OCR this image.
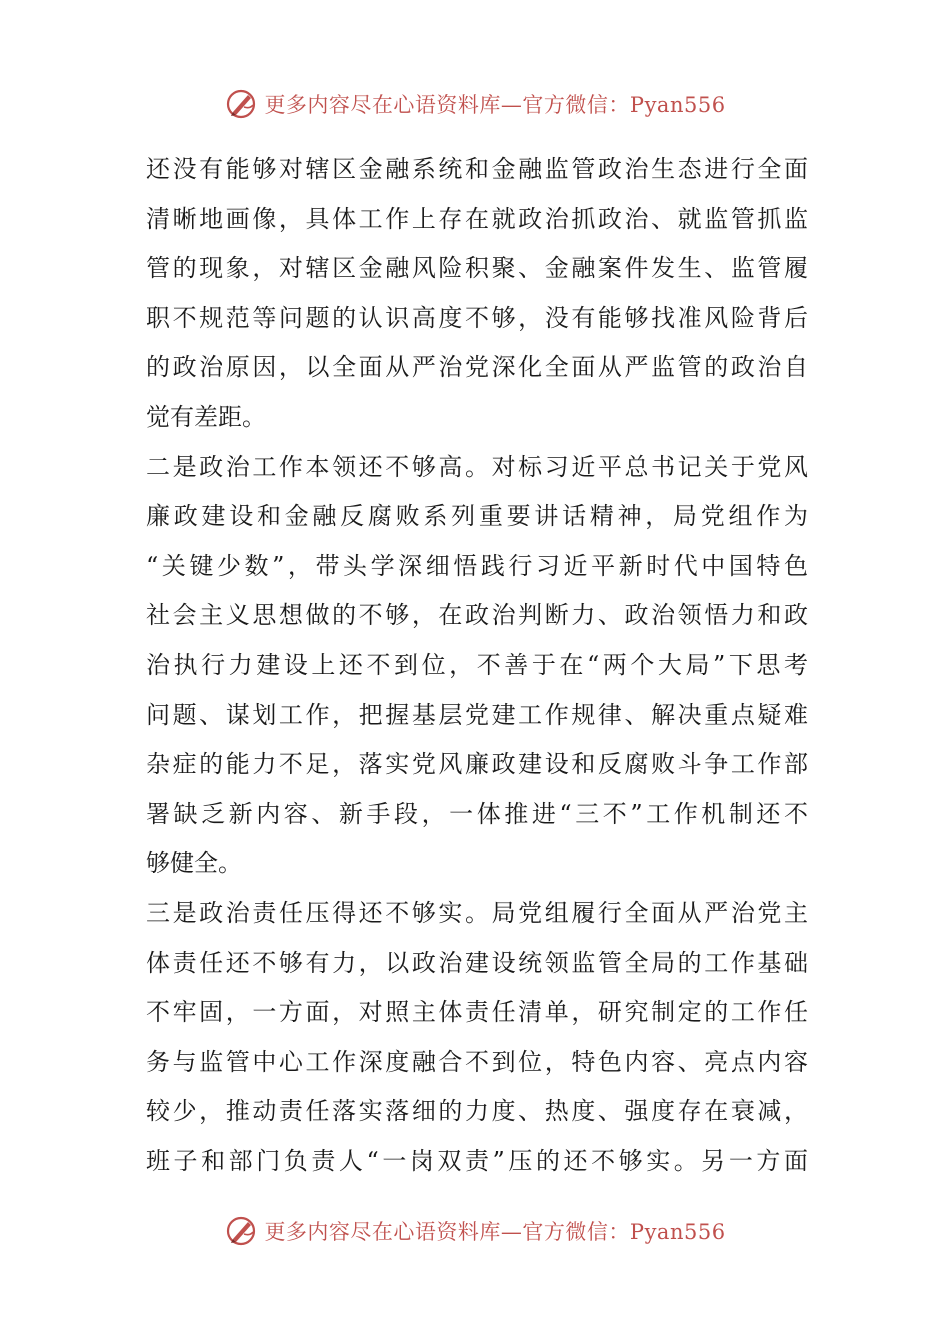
更多内容尽在心语资料库—官方微信：Pyan556
还没有能够对辖区金融系统和金融监管政治生态进行全面
清晰地画像，具体工作上存在就政治抓政治、就监管抓监
管的现象，对辖区金融风险积聚、金融案件发生、监管履
职不规范等问题的认识高度不够，没有能够找准风险背后
的政治原因，以全面从严治党深化全面从严监管的政治自
觉有差距。
二是政治工作本领还不够高。对标习近平总书记关于党风
廉政建设和金融反腐败系列重要讲话精神，局党组作为
“关键少数”，带头学深细悟践行习近平新时代中国特色
社会主义思想做的不够，在政治判断力、政治领悟力和政
治执行力建设上还不到位，不善于在“两个大局”下思考
问题、谋划工作，把握基层党建工作规律、解决重点疑难
杂症的能力不足，落实党风廉政建设和反腐败斗争工作部
署缺乏新内容、新手段，一体推进“三不”工作机制还不
够健全。
三是政治责任压得还不够实。局党组履行全面从严治党主
体责任还不够有力，以政治建设统领监管全局的工作基础
不牢固，一方面，对照主体责任清单，研究制定的工作任
务与监管中心工作深度融合不到位，特色内容、亮点内容
较少，推动责任落实落细的力度、热度、强度存在衰减，
班子和部门负责人“一岗双责”压的还不够实。另一方面
更多内容尽在心语资料库—官方微信：Pyan556
